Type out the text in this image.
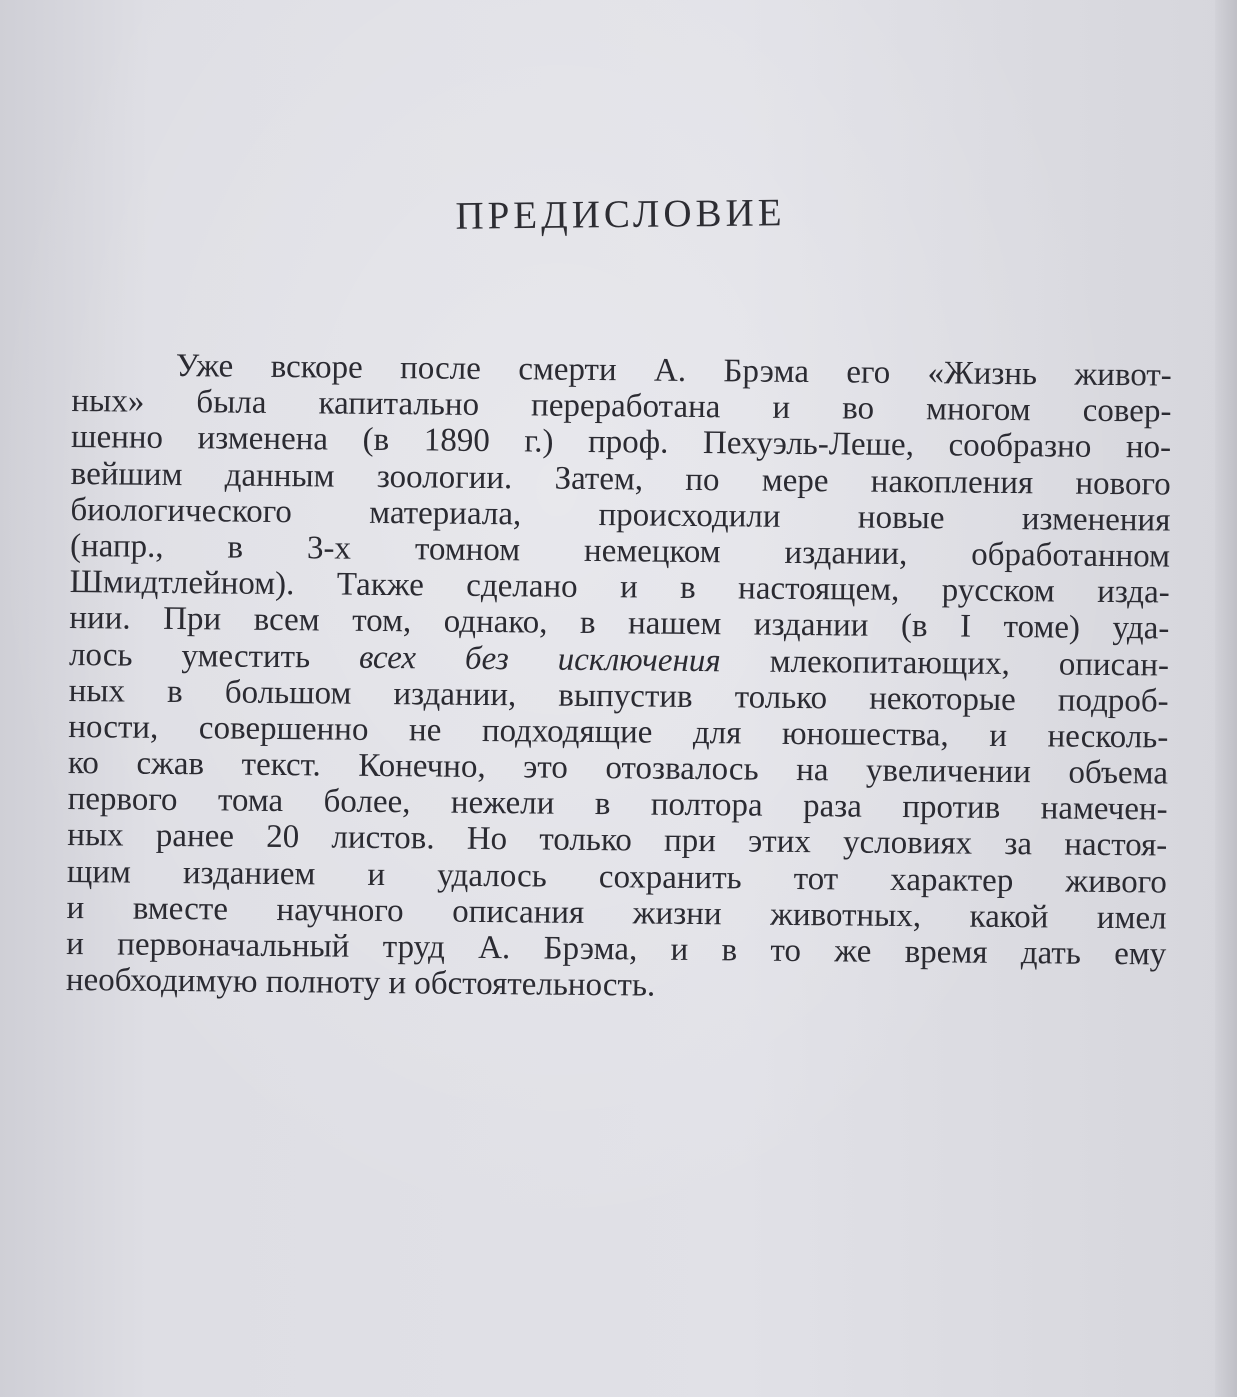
ПРЕДИСЛОВИЕ
Уже вскоре после смерти А. Брэма его «Жизнь живот-
ных» была капитально переработана и во многом совер-
шенно изменена (в 1890 г.) проф. Пехуэль-Леше, сообразно но-
вейшим данным зоологии. Затем, по мере накопления нового
биологического материала, происходили новые изменения
(напр., в 3-х томном немецком издании, обработанном
Шмидтлейном). Также сделано и в настоящем, русском изда-
нии. При всем том, однако, в нашем издании (в I томе) уда-
лось уместить всех без исключения млекопитающих, описан-
ных в большом издании, выпустив только некоторые подроб-
ности, совершенно не подходящие для юношества, и несколь-
ко сжав текст. Конечно, это отозвалось на увеличении объема
первого тома более, нежели в полтора раза против намечен-
ных ранее 20 листов. Но только при этих условиях за настоя-
щим изданием и удалось сохранить тот характер живого
и вместе научного описания жизни животных, какой имел
и первоначальный труд А. Брэма, и в то же время дать ему
необходимую полноту и обстоятельность.
